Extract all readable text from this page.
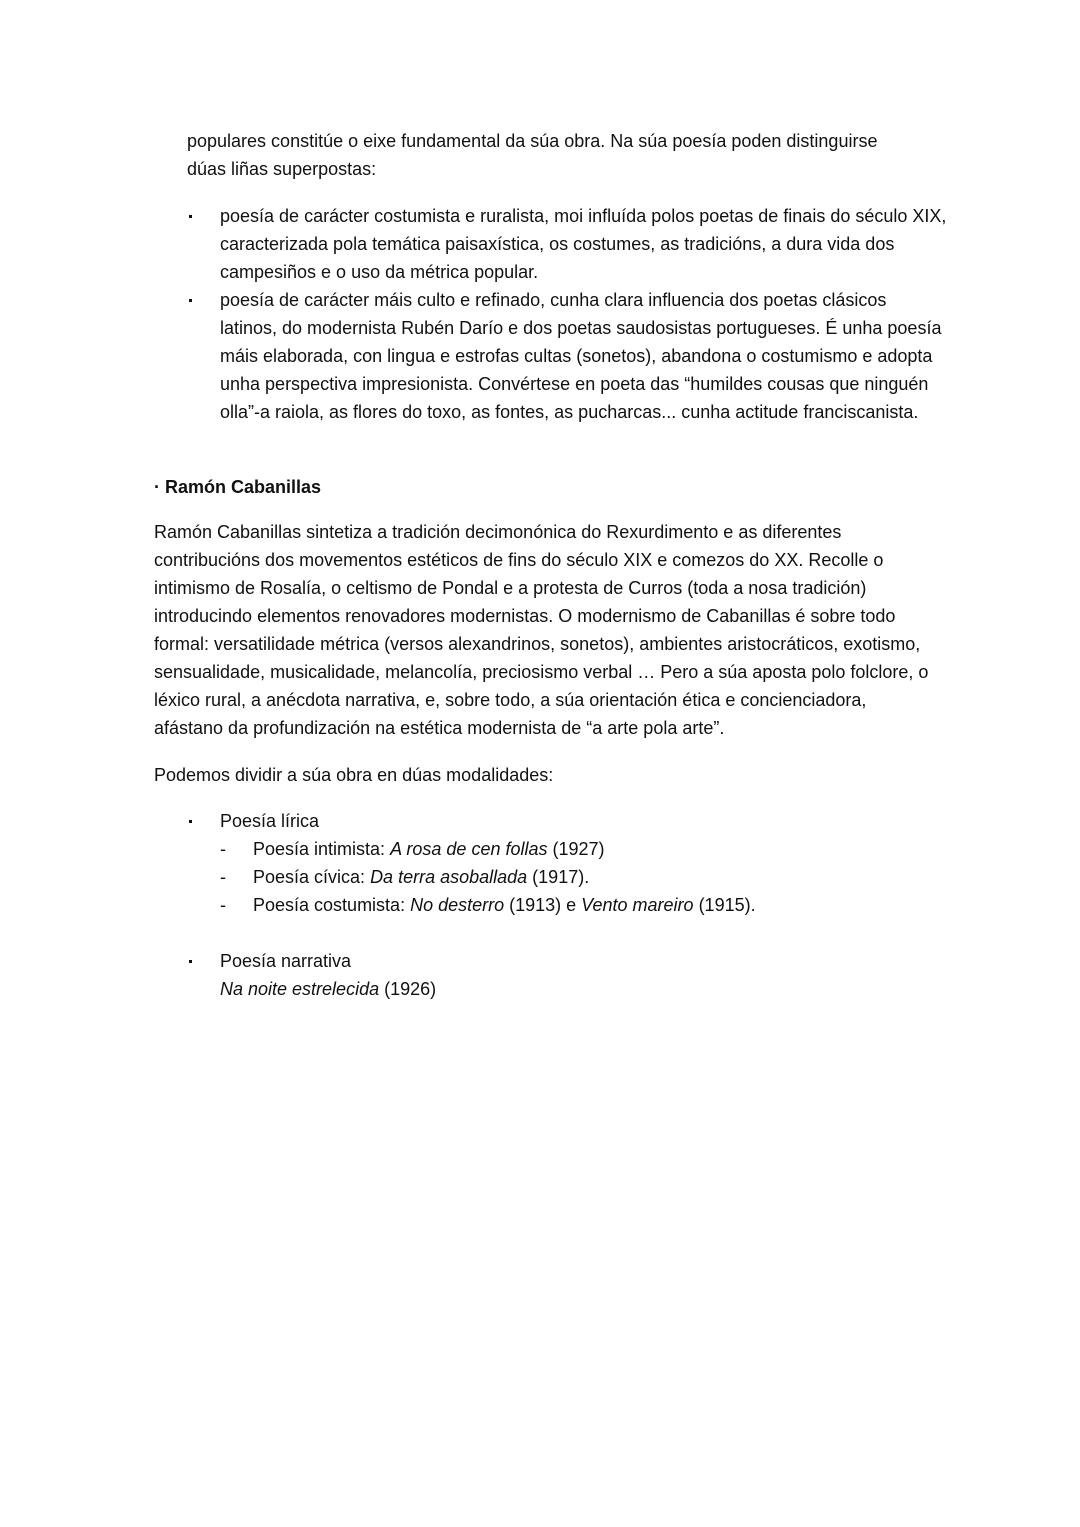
populares constitúe o eixe fundamental da súa obra. Na súa poesía poden distinguirse
dúas liñas superpostas:

poesía de carácter costumista e ruralista, moi influída polos poetas de finais do século XIX, caracterizada pola temática paisaxística, os costumes, as tradicións, a dura vida dos campesiños e o uso da métrica popular.
poesía de carácter máis culto e refinado, cunha clara influencia dos poetas clásicos latinos, do modernista Rubén Darío e dos poetas saudosistas portugueses. É unha poesía máis elaborada, con lingua e estrofas cultas (sonetos), abandona o costumismo e adopta unha perspectiva impresionista. Convértese en poeta das “humildes cousas que ninguén olla”-a raiola, as flores do toxo, as fontes, as pucharcas... cunha actitude franciscanista.

· Ramón Cabanillas

Ramón Cabanillas sintetiza a tradición decimonónica do Rexurdimento e as diferentes contribucións dos movementos estéticos de fins do século XIX e comezos do XX. Recolle o intimismo de Rosalía, o celtismo de Pondal e a protesta de Curros (toda a nosa tradición) introducindo elementos renovadores modernistas. O modernismo de Cabanillas é sobre todo formal: versatilidade métrica (versos alexandrinos, sonetos), ambientes aristocráticos, exotismo, sensualidade, musicalidade, melancolía, preciosismo verbal … Pero a súa aposta polo folclore, o léxico rural, a anécdota narrativa, e, sobre todo, a súa orientación ética e concienciadora, afástano da profundización na estética modernista de “a arte pola arte”.

Podemos dividir a súa obra en dúas modalidades:

Poesía lírica
- Poesía intimista: A rosa de cen follas (1927)
- Poesía cívica: Da terra asoballada (1917).
- Poesía costumista: No desterro (1913) e Vento mareiro (1915).
Poesía narrativa
Na noite estrelecida (1926)
